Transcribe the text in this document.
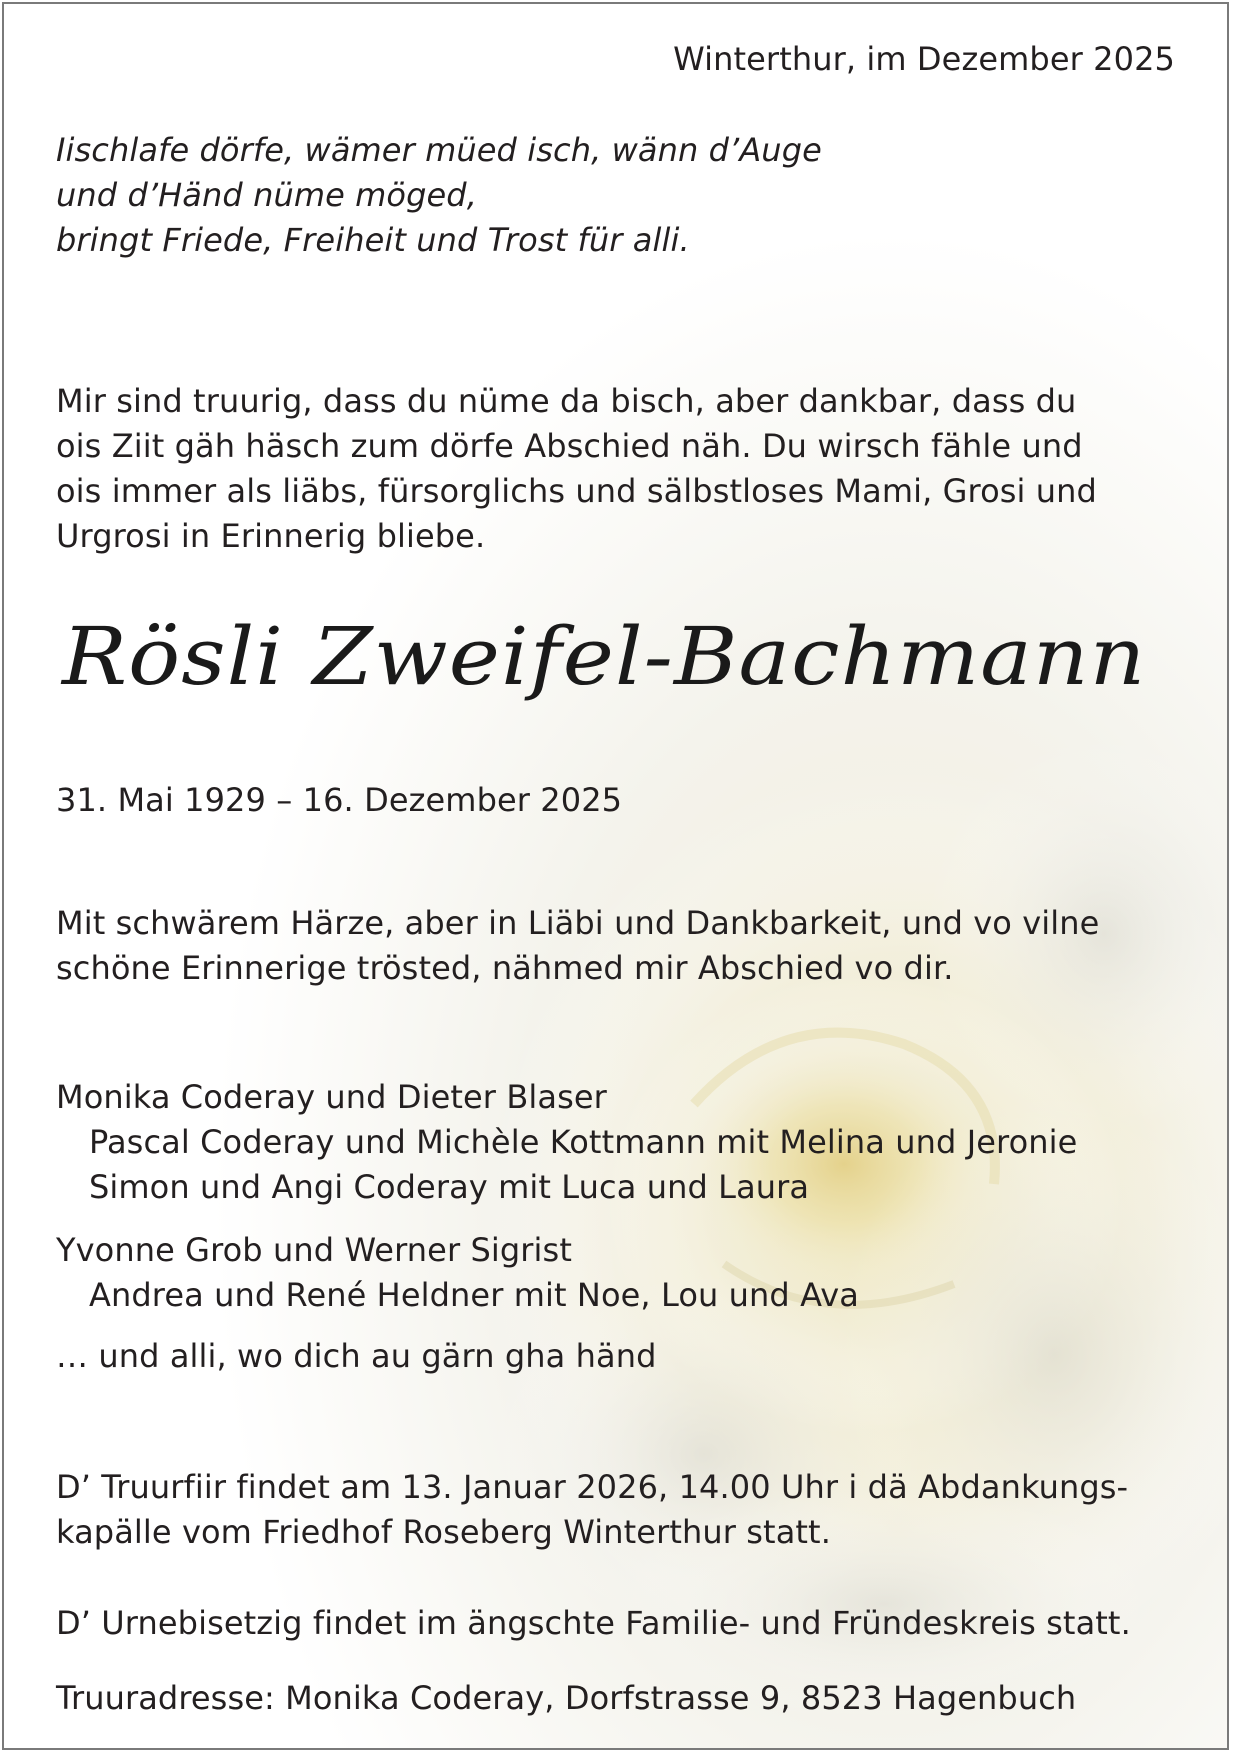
Winterthur, im Dezember 2025
Iischlafe dörfe, wämer müed isch, wänn d’Auge
und d’Händ nüme möged,
bringt Friede, Freiheit und Trost für alli.
Mir sind truurig, dass du nüme da bisch, aber dankbar, dass du
ois Ziit gäh häsch zum dörfe Abschied näh. Du wirsch fähle und
ois immer als liäbs, fürsorglichs und sälbstloses Mami, Grosi und
Urgrosi in Erinnerig bliebe.
Rösli Zweifel-Bachmann
31. Mai 1929 – 16. Dezember 2025
Mit schwärem Härze, aber in Liäbi und Dankbarkeit, und vo vilne
schöne Erinnerige trösted, nähmed mir Abschied vo dir.
Monika Coderay und Dieter Blaser
Pascal Coderay und Michèle Kottmann mit Melina und Jeronie
Simon und Angi Coderay mit Luca und Laura
Yvonne Grob und Werner Sigrist
Andrea und René Heldner mit Noe, Lou und Ava
… und alli, wo dich au gärn gha händ
D’ Truurfiir findet am 13. Januar 2026, 14.00 Uhr i dä Abdankungs-
kapälle vom Friedhof Roseberg Winterthur statt.
D’ Urnebisetzig findet im ängschte Familie- und Fründeskreis statt.
Truuradresse: Monika Coderay, Dorfstrasse 9, 8523 Hagenbuch
